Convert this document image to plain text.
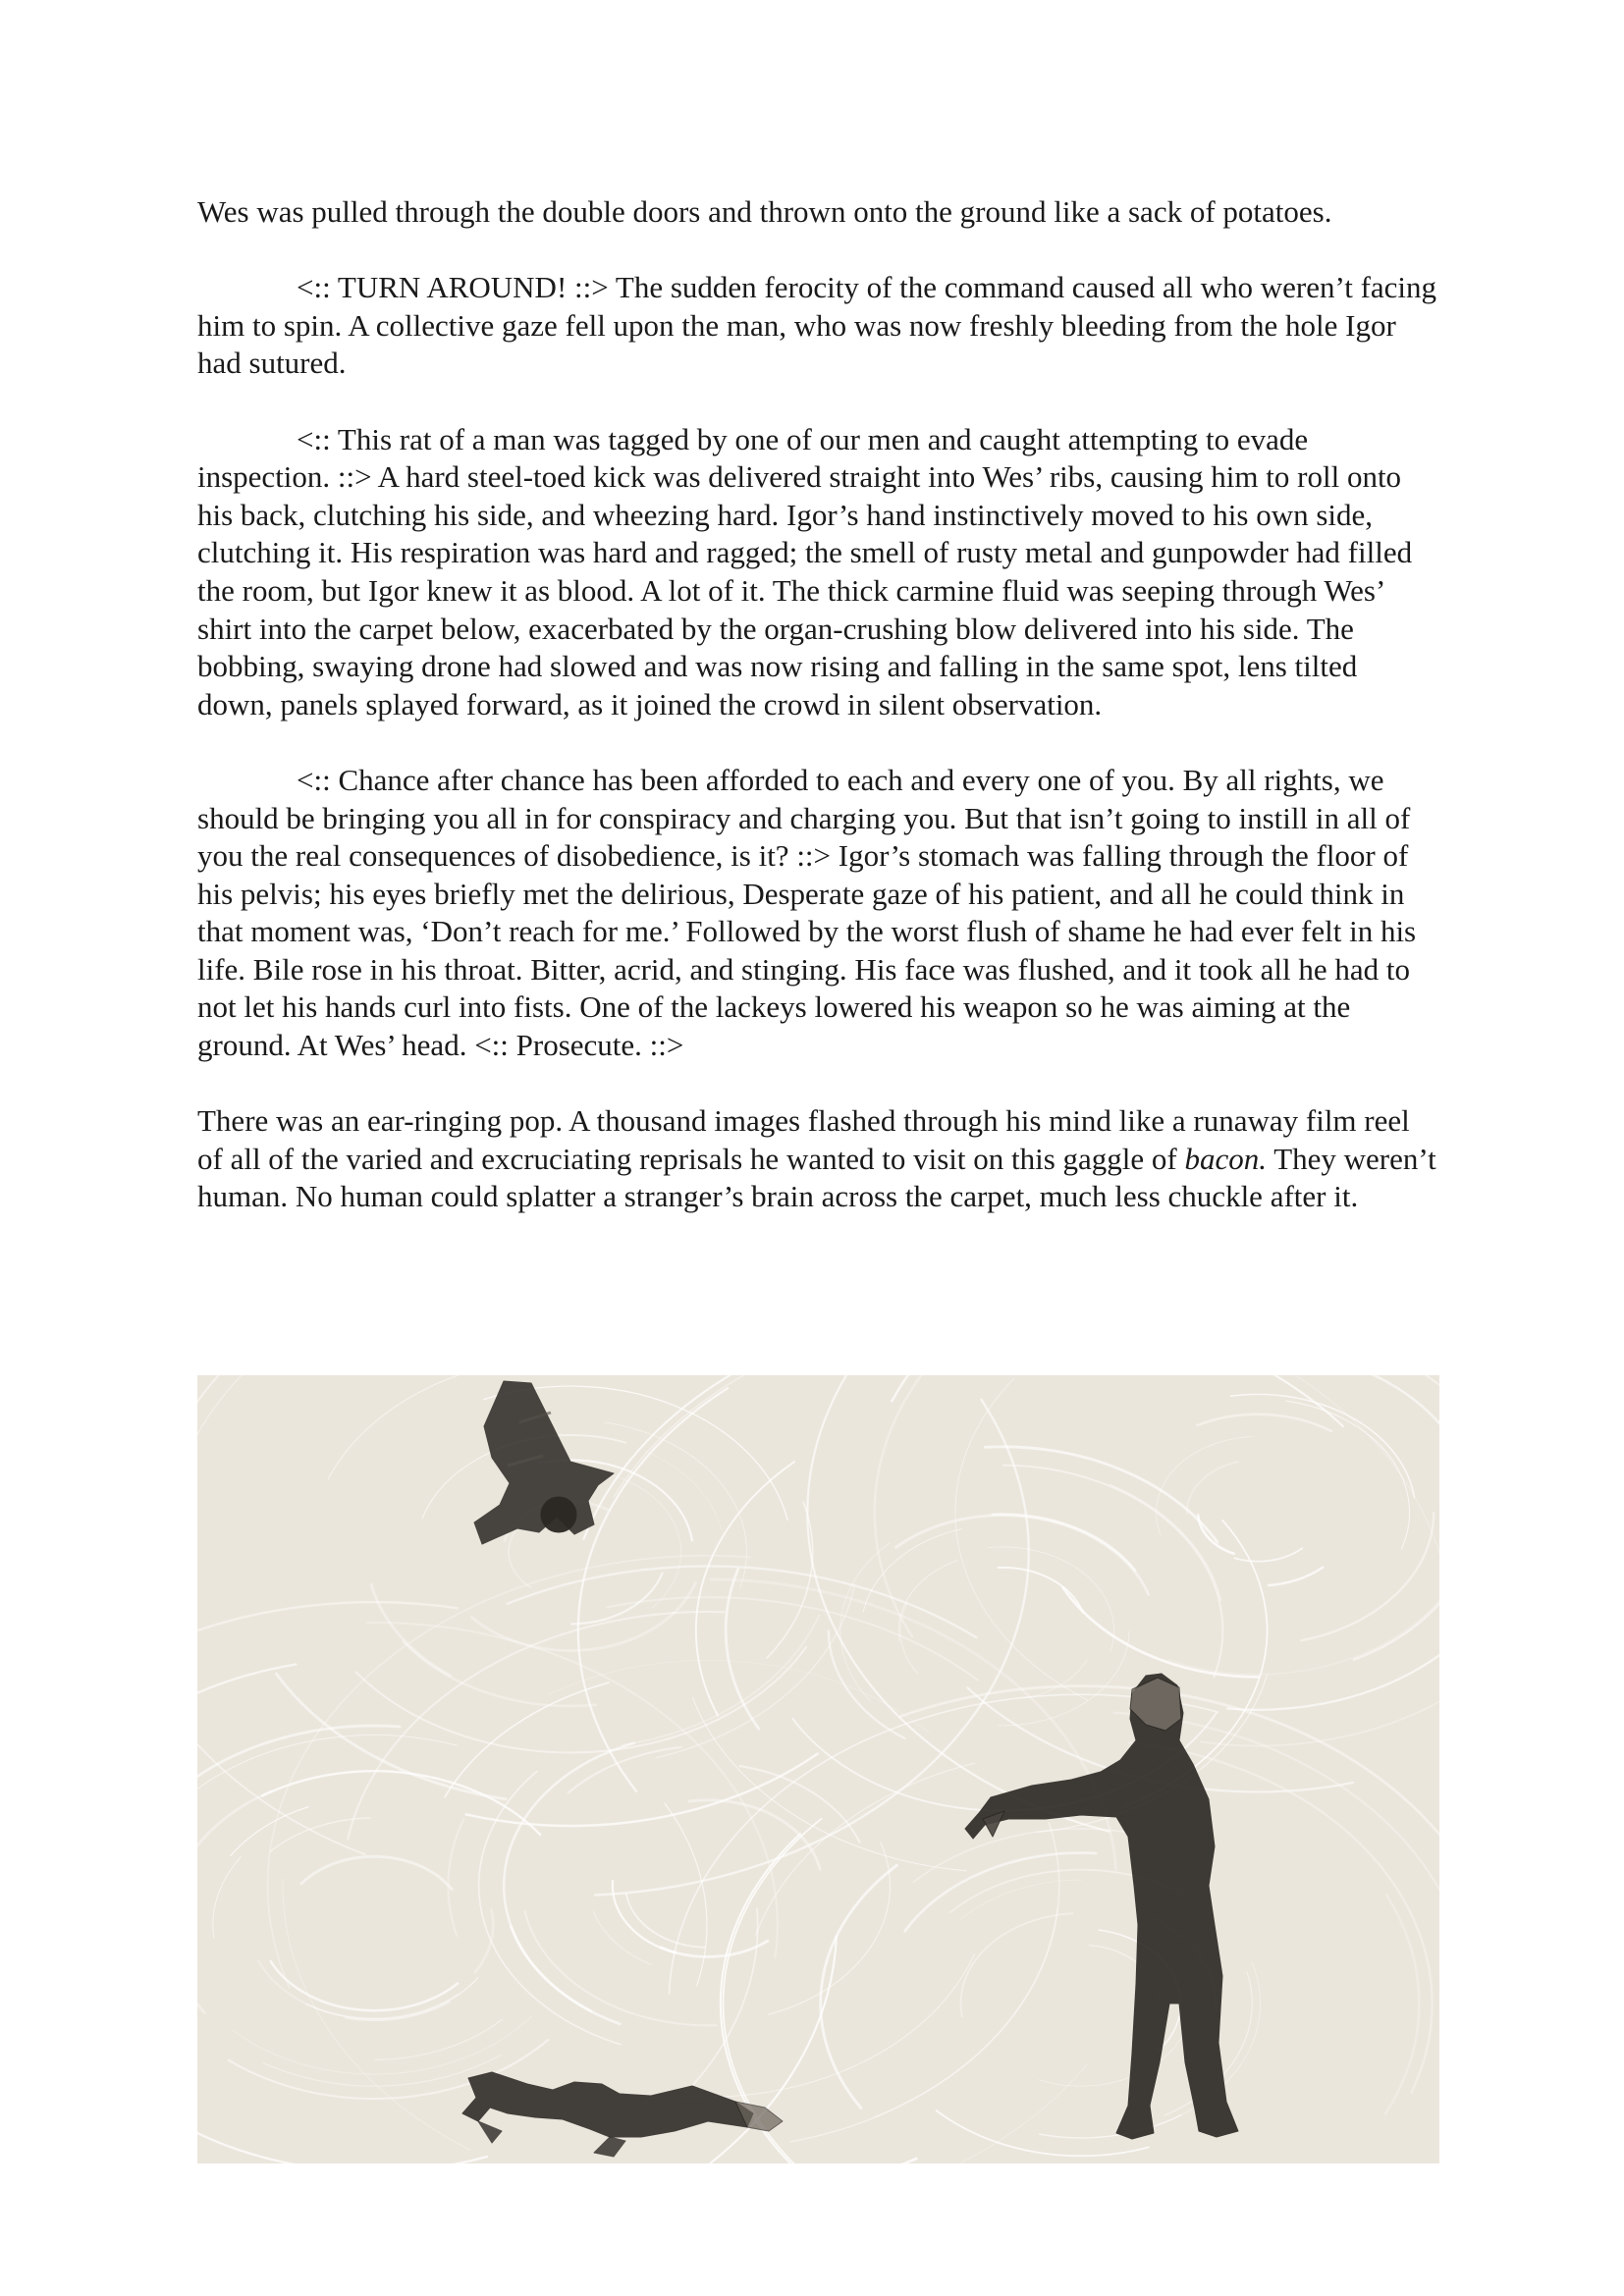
Wes was pulled through the double doors and thrown onto the ground like a sack of potatoes.

<:: TURN AROUND! ::> The sudden ferocity of the command caused all who weren’t facing him to spin. A collective gaze fell upon the man, who was now freshly bleeding from the hole Igor had sutured.

<:: This rat of a man was tagged by one of our men and caught attempting to evade inspection. ::> A hard steel-toed kick was delivered straight into Wes’ ribs, causing him to roll onto his back, clutching his side, and wheezing hard. Igor’s hand instinctively moved to his own side, clutching it. His respiration was hard and ragged; the smell of rusty metal and gunpowder had filled the room, but Igor knew it as blood. A lot of it. The thick carmine fluid was seeping through Wes’ shirt into the carpet below, exacerbated by the organ-crushing blow delivered into his side. The bobbing, swaying drone had slowed and was now rising and falling in the same spot, lens tilted down, panels splayed forward, as it joined the crowd in silent observation.

<:: Chance after chance has been afforded to each and every one of you. By all rights, we should be bringing you all in for conspiracy and charging you. But that isn’t going to instill in all of you the real consequences of disobedience, is it? ::> Igor’s stomach was falling through the floor of his pelvis; his eyes briefly met the delirious, Desperate gaze of his patient, and all he could think in that moment was, ‘Don’t reach for me.’ Followed by the worst flush of shame he had ever felt in his life. Bile rose in his throat. Bitter, acrid, and stinging. His face was flushed, and it took all he had to not let his hands curl into fists. One of the lackeys lowered his weapon so he was aiming at the ground. At Wes’ head. <:: Prosecute. ::>

There was an ear-ringing pop. A thousand images flashed through his mind like a runaway film reel of all of the varied and excruciating reprisals he wanted to visit on this gaggle of bacon. They weren’t human. No human could splatter a stranger’s brain across the carpet, much less chuckle after it.
